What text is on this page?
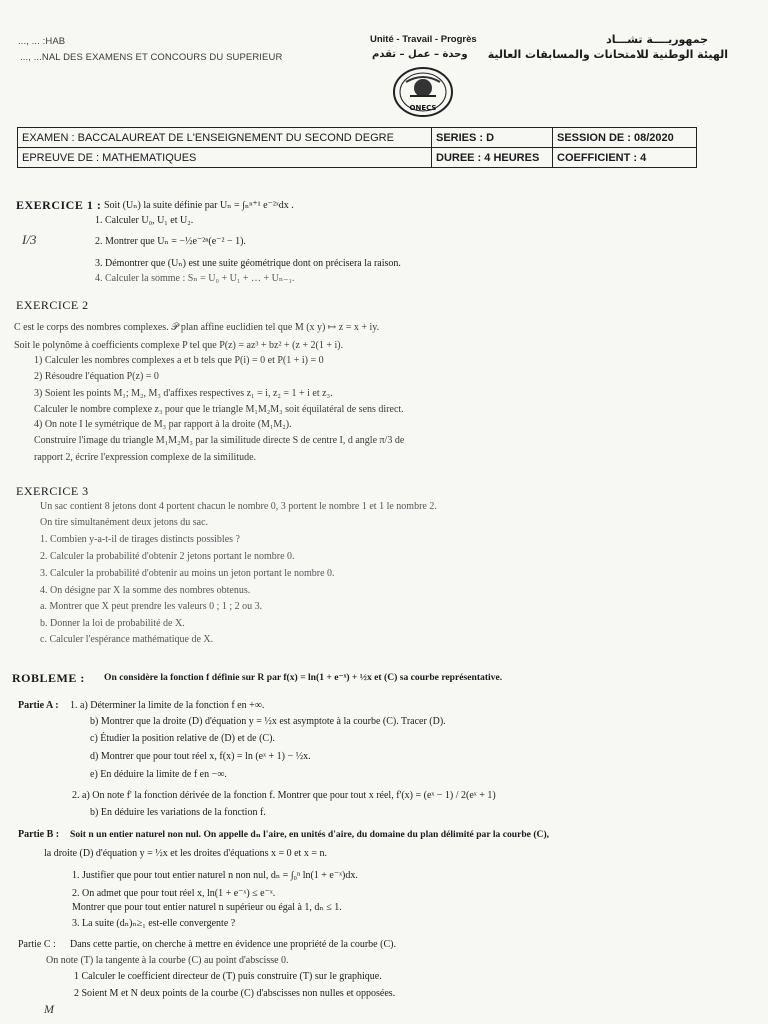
..., ... :HAB
..., ...NAL DES EXAMENS ET CONCOURS DU SUPERIEUR
Unité - Travail - Progrès
وحدة – عمل – تقدم
جمهوريــــة تشـــاد
الهيئة الوطنية للامتحانات والمسابقات العالية
ONECS
EXAMEN : BACCALAUREAT DE L'ENSEIGNEMENT DU SECOND DEGRE	SERIES : D	SESSION DE : 08/2020
EPREUVE DE : MATHEMATIQUES	DUREE : 4 HEURES	COEFFICIENT : 4
EXERCICE 1 : Soit (Uₙ) la suite définie par Uₙ = ∫ₙⁿ⁺¹ e⁻²ˣdx .
1. Calculer U₀, U₁ et U₂.
2. Montrer que Uₙ = −½e⁻²ⁿ(e⁻² − 1).
3. Démontrer que (Uₙ) est une suite géométrique dont on précisera la raison.
4. Calculer la somme : Sₙ = U₀ + U₁ + … + Uₙ₋₁.
I/3
EXERCICE 2
C est le corps des nombres complexes. 𝒫 plan affine euclidien tel que M (x y) ↦ z = x + iy.
Soit le polynôme à coefficients complexe P tel que P(z) = az³ + bz² + (z + 2(1 + i).
1) Calculer les nombres complexes a et b tels que P(i) = 0 et P(1 + i) = 0
2) Résoudre l'équation P(z) = 0
3) Soient les points M₁; M₂, M₃ d'affixes respectives z₁ = i, z₂ = 1 + i et z₃.
Calculer le nombre complexe z₃ pour que le triangle M₁M₂M₃ soit équilatéral de sens direct.
4) On note I le symétrique de M₃ par rapport à la droite (M₁M₂).
Construire l'image du triangle M₁M₂M₃ par la similitude directe S de centre I, d angle π/3 de
rapport 2, écrire l'expression complexe de la similitude.
EXERCICE 3
Un sac contient 8 jetons dont 4 portent chacun le nombre 0, 3 portent le nombre 1 et 1 le nombre 2.
On tire simultanément deux jetons du sac.
1. Combien y-a-t-il de tirages distincts possibles ?
2. Calculer la probabilité d'obtenir 2 jetons portant le nombre 0.
3. Calculer la probabilité d'obtenir au moins un jeton portant le nombre 0.
4. On désigne par X la somme des nombres obtenus.
a. Montrer que X peut prendre les valeurs 0 ; 1 ; 2 ou 3.
b. Donner la loi de probabilité de X.
c. Calculer l'espérance mathématique de X.
ROBLEME : On considère la fonction f définie sur R par f(x) = ln(1 + e⁻ˣ) + ½x et (C) sa courbe représentative.
Partie A : 1. a) Déterminer la limite de la fonction f en +∞.
b) Montrer que la droite (D) d'équation y = ½x est asymptote à la courbe (C). Tracer (D).
c) Étudier la position relative de (D) et de (C).
d) Montrer que pour tout réel x, f(x) = ln (eˣ + 1) − ½x.
e) En déduire la limite de f en −∞.
2. a) On note f' la fonction dérivée de la fonction f. Montrer que pour tout x réel, f'(x) = (eˣ − 1) / 2(eˣ + 1)
b) En déduire les variations de la fonction f.
Partie B : Soit n un entier naturel non nul. On appelle dₙ l'aire, en unités d'aire, du domaine du plan délimité par la courbe (C),
la droite (D) d'équation y = ½x et les droites d'équations x = 0 et x = n.
1. Justifier que pour tout entier naturel n non nul, dₙ = ∫₀ⁿ ln(1 + e⁻ˣ)dx.
2. On admet que pour tout réel x, ln(1 + e⁻ˣ) ≤ e⁻ˣ.
Montrer que pour tout entier naturel n supérieur ou égal à 1, dₙ ≤ 1.
3. La suite (dₙ)ₙ≥₁ est-elle convergente ?
Partie C : Dans cette partie, on cherche à mettre en évidence une propriété de la courbe (C).
On note (T) la tangente à la courbe (C) au point d'abscisse 0.
1 Calculer le coefficient directeur de (T) puis construire (T) sur le graphique.
2 Soient M et N deux points de la courbe (C) d'abscisses non nulles et opposées.
M
